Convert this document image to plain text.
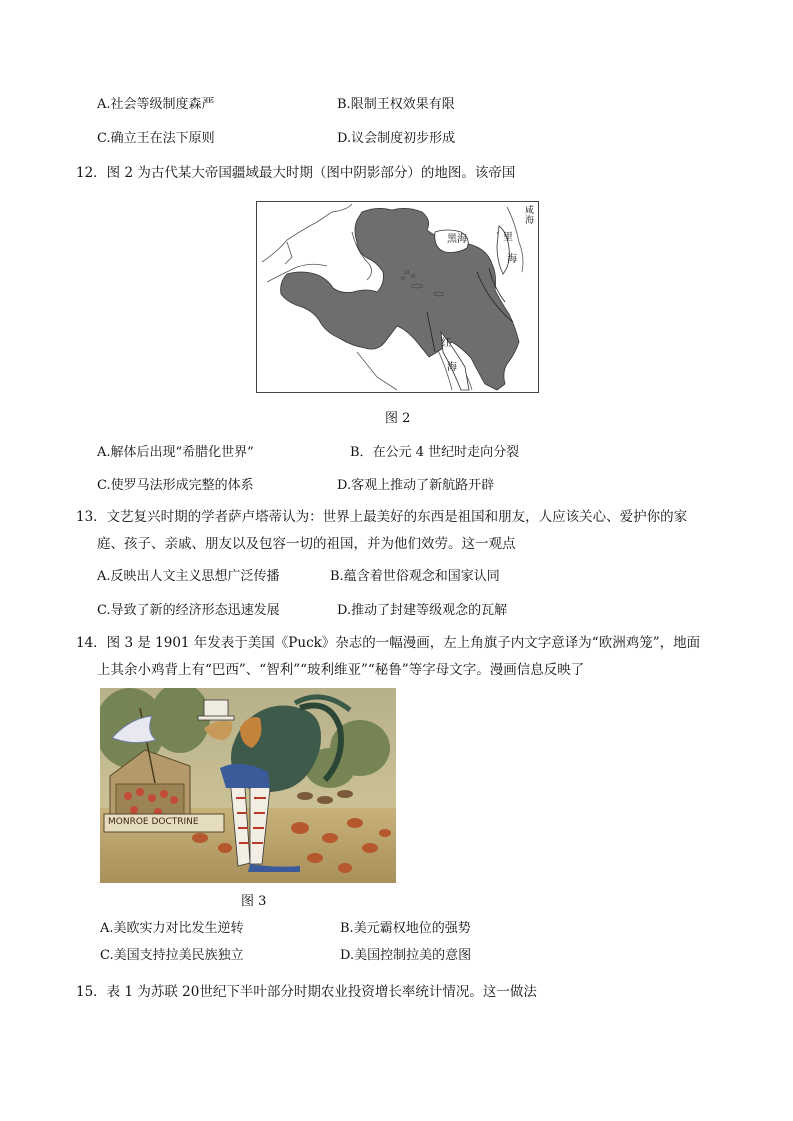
A.社会等级制度森严	B.限制王权效果有限
C.确立王在法下原则	D.议会制度初步形成
12．图 2 为古代某大帝国疆域最大时期（图中阴影部分）的地图。该帝国
黑海	里
海
红
海
咸
海
图 2
A.解体后出现“希腊化世界”	B．在公元 4 世纪时走向分裂
C.使罗马法形成完整的体系	D.客观上推动了新航路开辟
13．文艺复兴时期的学者萨卢塔蒂认为：世界上最美好的东西是祖国和朋友，人应该关心、爱护你的家
庭、孩子、亲戚、朋友以及包容一切的祖国，并为他们效劳。这一观点
A.反映出人文主义思想广泛传播	B.蕴含着世俗观念和国家认同
C.导致了新的经济形态迅速发展	D.推动了封建等级观念的瓦解
14．图 3 是 1901 年发表于美国《Puck》杂志的一幅漫画，左上角旗子内文字意译为“欧洲鸡笼”，地面
上其余小鸡背上有“巴西”、“智利”“玻利维亚”“秘鲁”等字母文字。漫画信息反映了
MONROE DOCTRINE
图 3
A.美欧实力对比发生逆转	B.美元霸权地位的强势
C.美国支持拉美民族独立	D.美国控制拉美的意图
15．表 1 为苏联 20世纪下半叶部分时期农业投资增长率统计情况。这一做法
